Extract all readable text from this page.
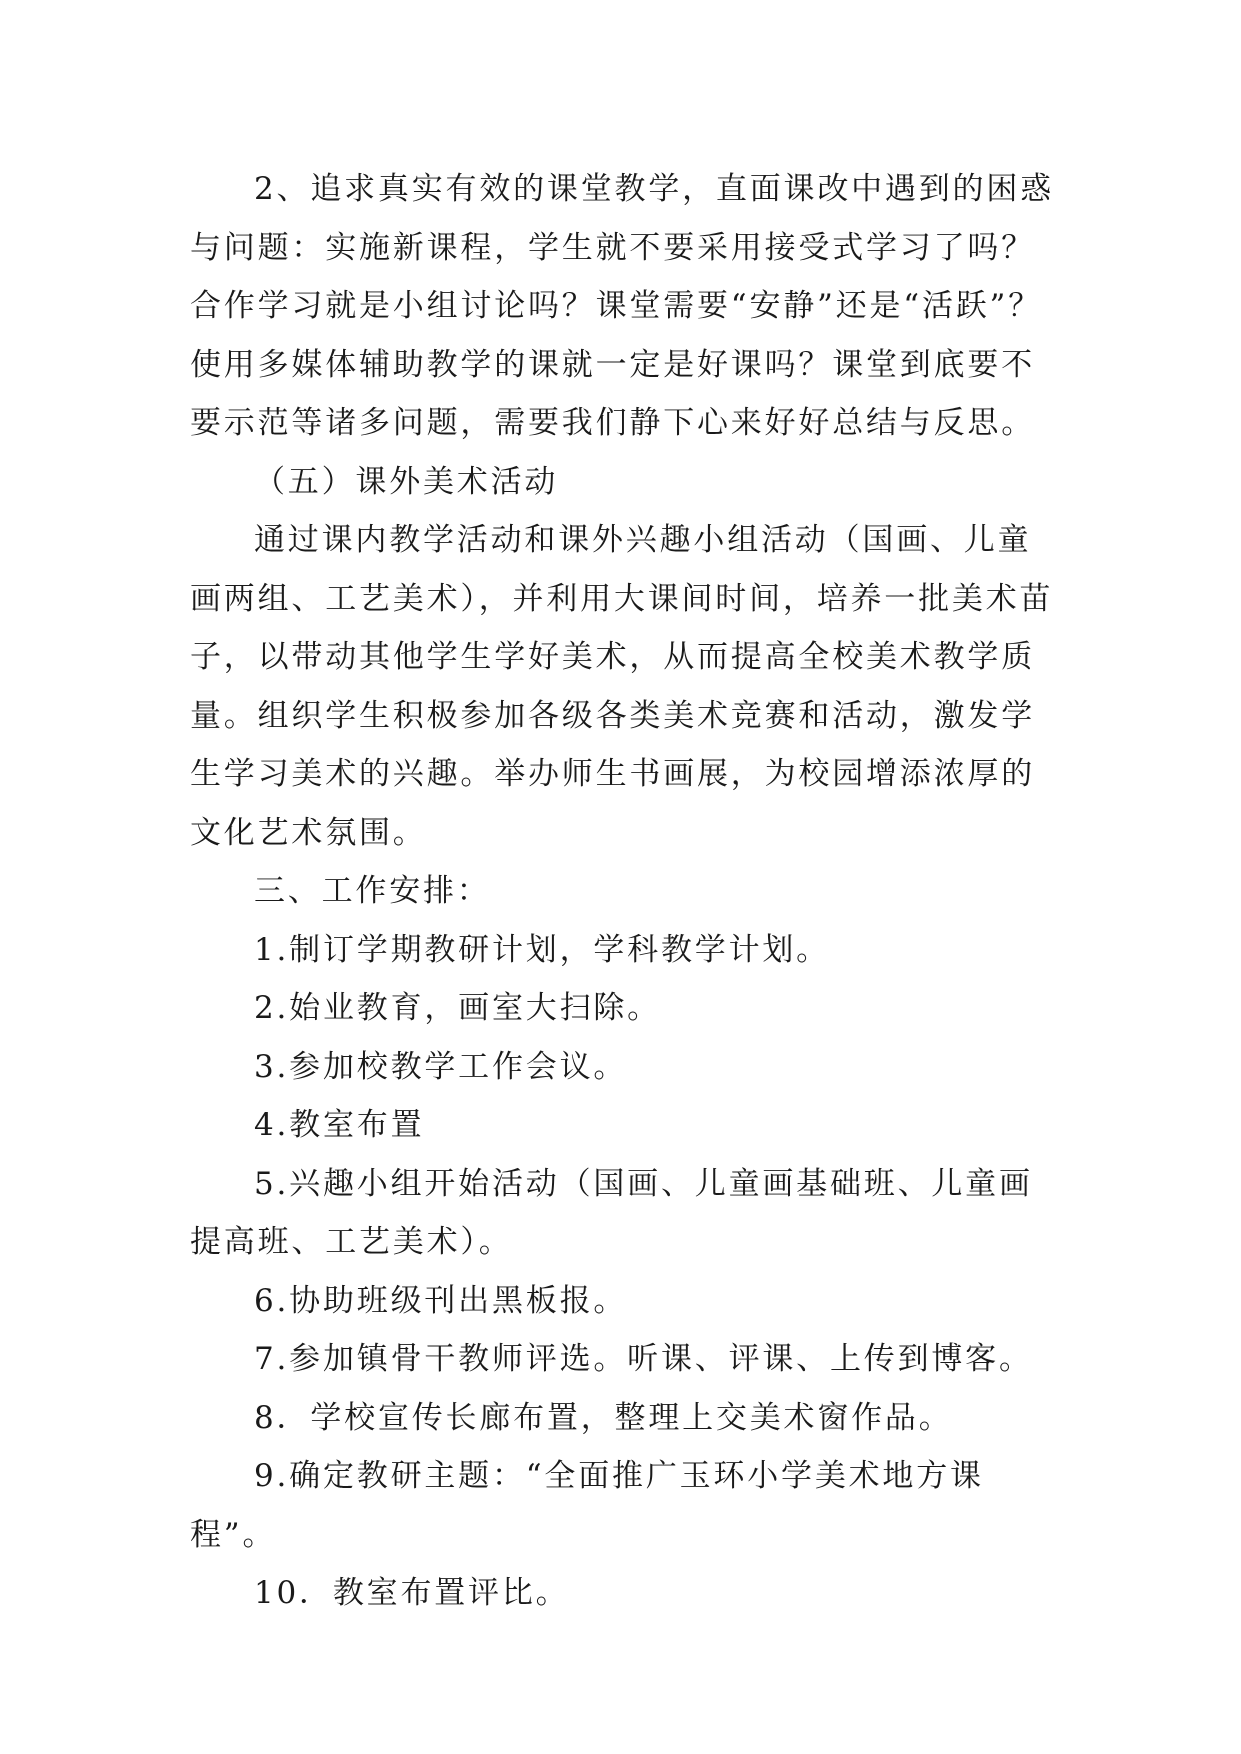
2、追求真实有效的课堂教学，直面课改中遇到的困惑与问题：实施新课程，学生就不要采用接受式学习了吗？合作学习就是小组讨论吗？课堂需要“安静”还是“活跃”？使用多媒体辅助教学的课就一定是好课吗？课堂到底要不要示范等诸多问题，需要我们静下心来好好总结与反思。

（五）课外美术活动

通过课内教学活动和课外兴趣小组活动（国画、儿童画两组、工艺美术），并利用大课间时间，培养一批美术苗子，以带动其他学生学好美术，从而提高全校美术教学质量。组织学生积极参加各级各类美术竞赛和活动，激发学生学习美术的兴趣。举办师生书画展，为校园增添浓厚的文化艺术氛围。

三、工作安排：

1.制订学期教研计划，学科教学计划。

2.始业教育，画室大扫除。

3.参加校教学工作会议。

4.教室布置

5.兴趣小组开始活动（国画、儿童画基础班、儿童画提高班、工艺美术）。

6.协助班级刊出黑板报。

7.参加镇骨干教师评选。听课、评课、上传到博客。

8．学校宣传长廊布置，整理上交美术窗作品。

9.确定教研主题：“全面推广玉环小学美术地方课程”。

10．教室布置评比。
